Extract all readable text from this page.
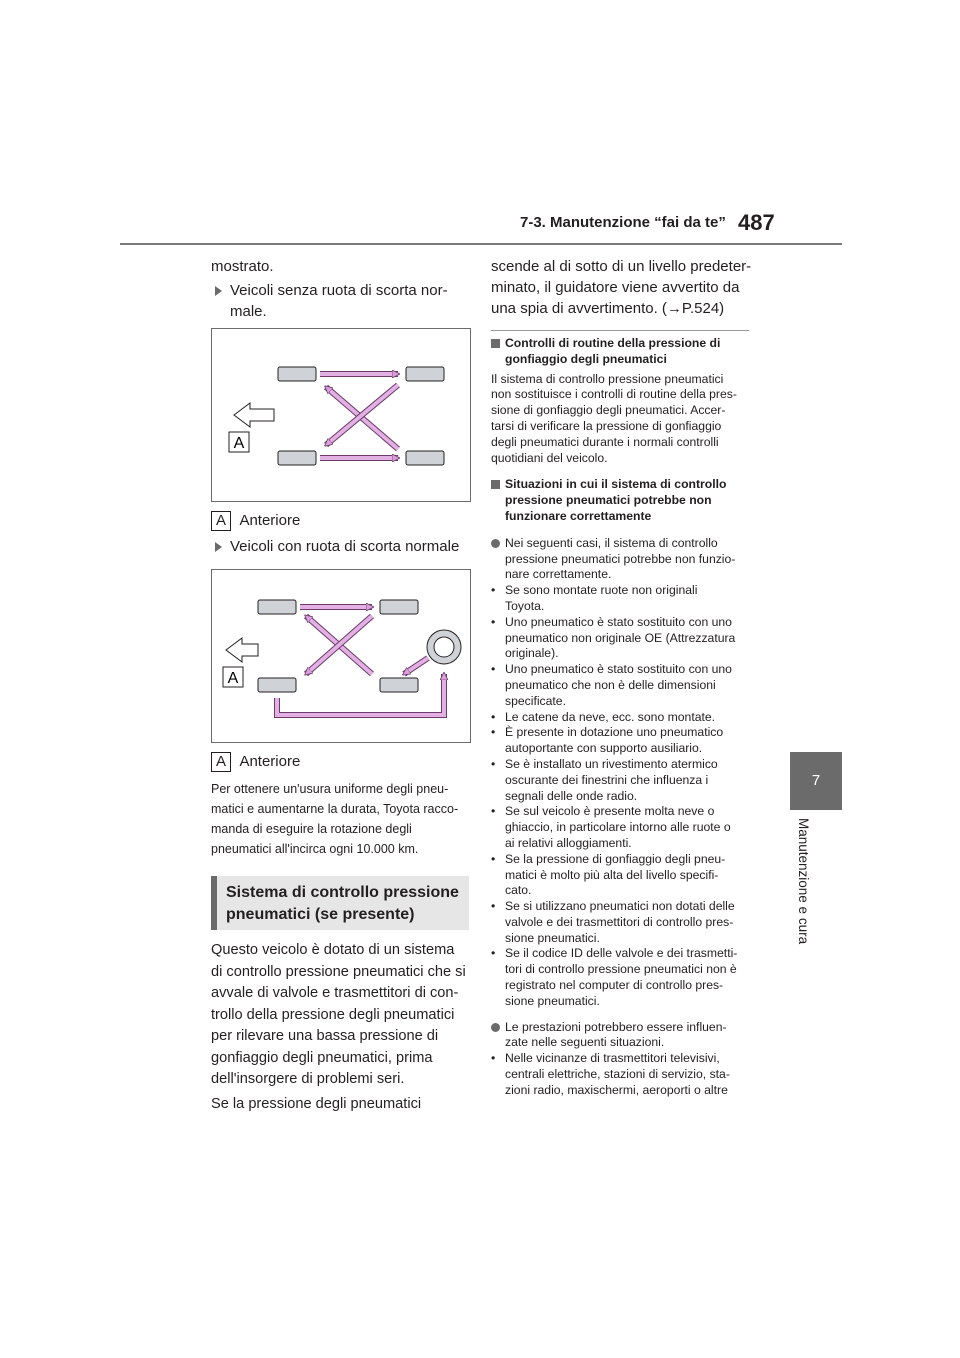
7-3. Manutenzione “fai da te” 487
7
Manutenzione e cura

mostrato.

Veicoli senza ruota di scorta nor-

male.

A
A Anteriore

Veicoli con ruota di scorta normale

A
A Anteriore
Per ottenere un'usura uniforme degli pneu-
matici e aumentarne la durata, Toyota racco-
manda di eseguire la rotazione degli
pneumatici all'incirca ogni 10.000 km.
Sistema di controllo pressione
pneumatici (se presente)
Questo veicolo è dotato di un sistema
di controllo pressione pneumatici che si
avvale di valvole e trasmettitori di con-
trollo della pressione degli pneumatici
per rilevare una bassa pressione di
gonfiaggio degli pneumatici, prima
dell'insorgere di problemi seri.
Se la pressione degli pneumatici
scende al di sotto di un livello predeter-
minato, il guidatore viene avvertito da
una spia di avvertimento. (→P.524)
Controlli di routine della pressione di
gonfiaggio degli pneumatici
Il sistema di controllo pressione pneumatici
non sostituisce i controlli di routine della pres-
sione di gonfiaggio degli pneumatici. Accer-
tarsi di verificare la pressione di gonfiaggio
degli pneumatici durante i normali controlli
quotidiani del veicolo.
Situazioni in cui il sistema di controllo
pressione pneumatici potrebbe non
funzionare correttamente
Nei seguenti casi, il sistema di controllo
pressione pneumatici potrebbe non funzio-
nare correttamente.
• Se sono montate ruote non originali
Toyota.
• Uno pneumatico è stato sostituito con uno
pneumatico non originale OE (Attrezzatura
originale).
• Uno pneumatico è stato sostituito con uno
pneumatico che non è delle dimensioni
specificate.
• Le catene da neve, ecc. sono montate.
• È presente in dotazione uno pneumatico
autoportante con supporto ausiliario.
• Se è installato un rivestimento atermico
oscurante dei finestrini che influenza i
segnali delle onde radio.
• Se sul veicolo è presente molta neve o
ghiaccio, in particolare intorno alle ruote o
ai relativi alloggiamenti.
• Se la pressione di gonfiaggio degli pneu-
matici è molto più alta del livello specifi-
cato.
• Se si utilizzano pneumatici non dotati delle
valvole e dei trasmettitori di controllo pres-
sione pneumatici.
• Se il codice ID delle valvole e dei trasmetti-
tori di controllo pressione pneumatici non è
registrato nel computer di controllo pres-
sione pneumatici.
Le prestazioni potrebbero essere influen-
zate nelle seguenti situazioni.
• Nelle vicinanze di trasmettitori televisivi,
centrali elettriche, stazioni di servizio, sta-
zioni radio, maxischermi, aeroporti o altre
